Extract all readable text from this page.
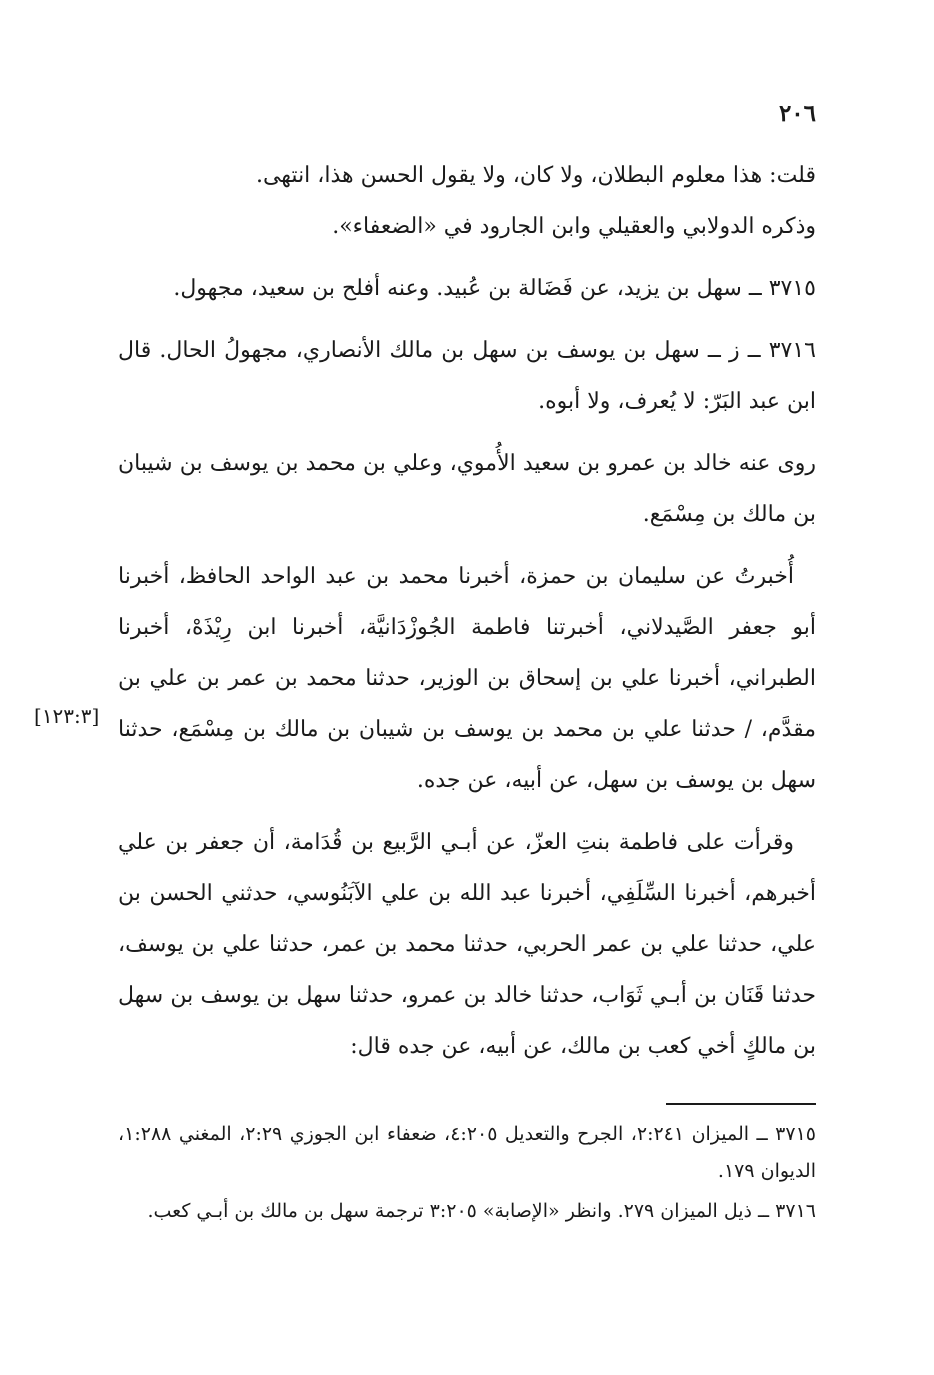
٢٠٦

قلت: هذا معلوم البطلان، ولا كان، ولا يقول الحسن هذا، انتهى.

وذكره الدولابي والعقيلي وابن الجارود في «الضعفاء».

٣٧١٥ ــ سهل بن يزيد، عن فَضَالة بن عُبيد. وعنه أفلح بن سعيد، مجهول.

٣٧١٦ ــ ز ــ سهل بن يوسف بن سهل بن مالك الأنصاري، مجهولُ الحال. قال ابن عبد البَرّ: لا يُعرف، ولا أبوه.

روى عنه خالد بن عمرو بن سعيد الأُموي، وعلي بن محمد بن يوسف بن شيبان بن مالك بن مِسْمَع.

أُخبرتُ عن سليمان بن حمزة، أخبرنا محمد بن عبد الواحد الحافظ، أخبرنا أبو جعفر الصَّيدلاني، أخبرتنا فاطمة الجُوزْدَانيَّة، أخبرنا ابن رِيْذَهْ، أخبرنا الطبراني، أخبرنا علي بن إسحاق بن الوزير، حدثنا محمد بن عمر بن علي بن مقدَّم، / حدثنا علي بن محمد بن يوسف بن شيبان بن مالك بن مِسْمَع، حدثنا سهل بن يوسف بن سهل، عن أبيه، عن جده.

وقرأت على فاطمة بنتِ العزّ، عن أبـي الرَّبيع بن قُدَامة، أن جعفر بن علي أخبرهم، أخبرنا السِّلَفِي، أخبرنا عبد الله بن علي الآبَنُوسي، حدثني الحسن بن علي، حدثنا علي بن عمر الحربي، حدثنا محمد بن عمر، حدثنا علي بن يوسف، حدثنا قَنَان بن أبـي ثَوَاب، حدثنا خالد بن عمرو، حدثنا سهل بن يوسف بن سهل بن مالكٍ أخي كعب بن مالك، عن أبيه، عن جده قال:

[١٢٣:٣]

٣٧١٥ ــ الميزان ٢:٢٤١، الجرح والتعديل ٤:٢٠٥، ضعفاء ابن الجوزي ٢:٢٩، المغني ١:٢٨٨، الديوان ١٧٩.

٣٧١٦ ــ ذيل الميزان ٢٧٩. وانظر «الإصابة» ٣:٢٠٥ ترجمة سهل بن مالك بن أبـي كعب.
